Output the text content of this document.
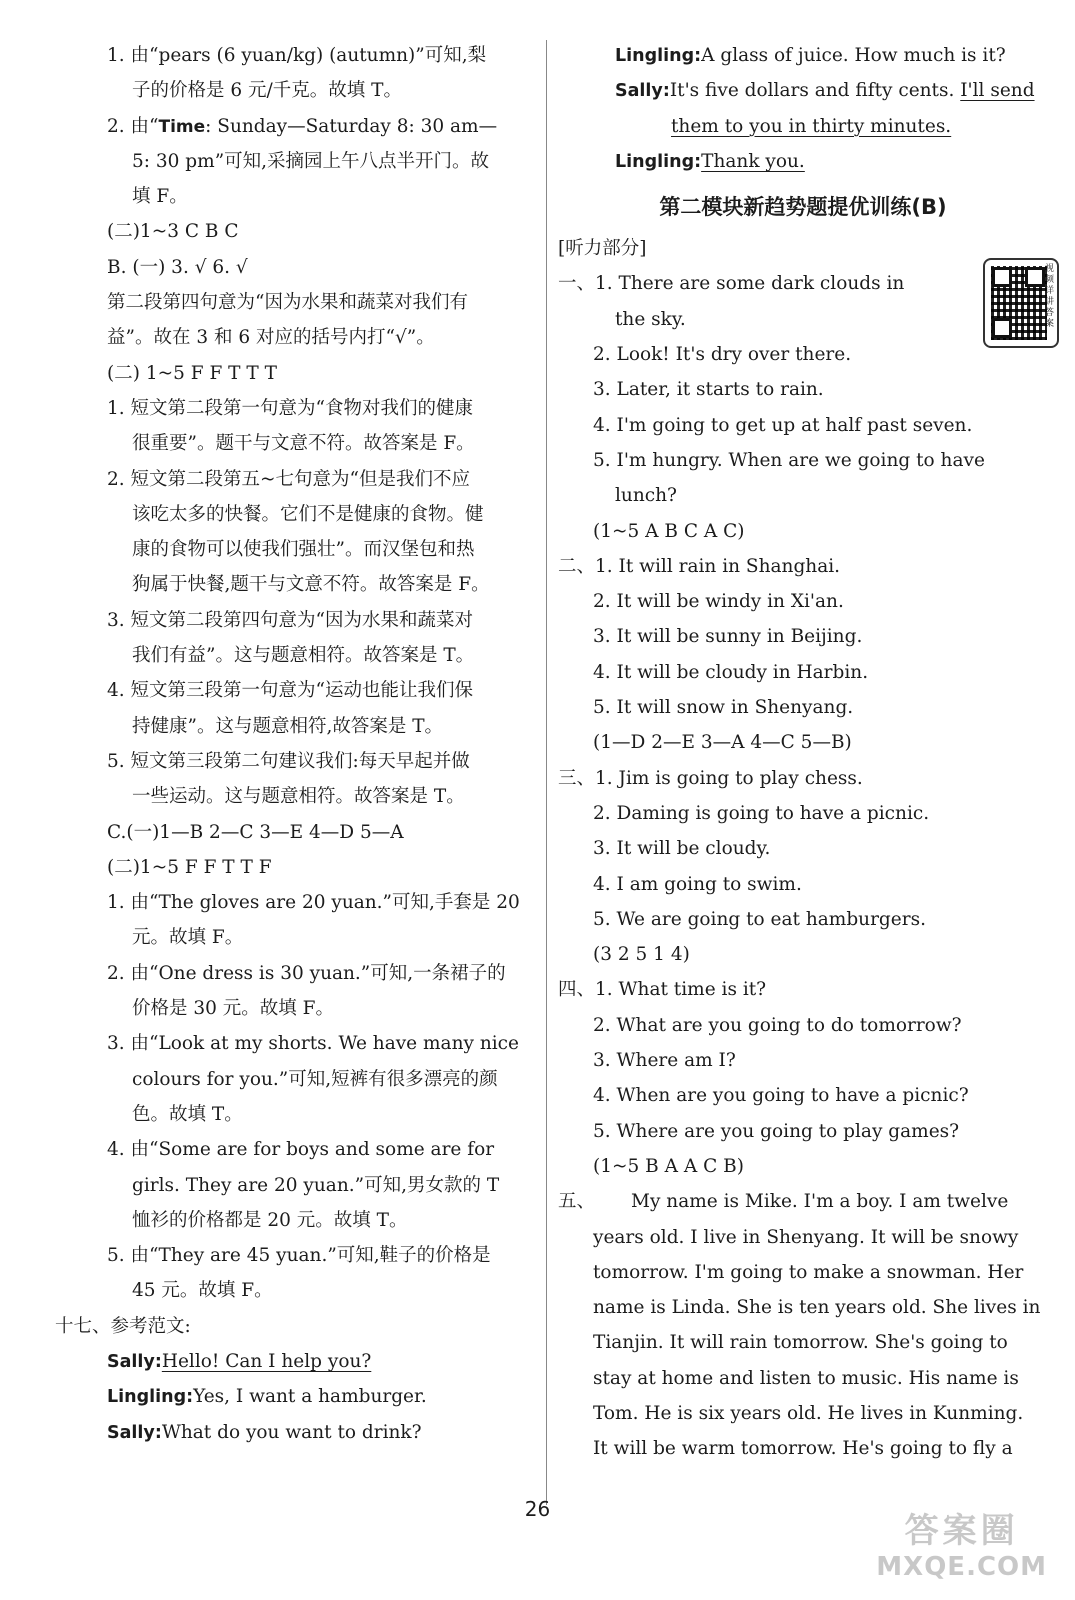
1. 由“pears (6 yuan/kg) (autumn)”可知,梨
子的价格是 6 元/千克。故填 T。
2. 由“Time: Sunday—Saturday 8: 30 am—
5: 30 pm”可知,采摘园上午八点半开门。故
填 F。
(二)1~3 C B C
B. (一) 3. √ 6. √
第二段第四句意为“因为水果和蔬菜对我们有
益”。故在 3 和 6 对应的括号内打“√”。
(二) 1~5 F F T T T
1. 短文第二段第一句意为“食物对我们的健康
很重要”。题干与文意不符。故答案是 F。
2. 短文第二段第五~七句意为“但是我们不应
该吃太多的快餐。它们不是健康的食物。健
康的食物可以使我们强壮”。而汉堡包和热
狗属于快餐,题干与文意不符。故答案是 F。
3. 短文第二段第四句意为“因为水果和蔬菜对
我们有益”。这与题意相符。故答案是 T。
4. 短文第三段第一句意为“运动也能让我们保
持健康”。这与题意相符,故答案是 T。
5. 短文第三段第二句建议我们:每天早起并做
一些运动。这与题意相符。故答案是 T。
C.(一)1—B 2—C 3—E 4—D 5—A
(二)1~5 F F T T F
1. 由“The gloves are 20 yuan.”可知,手套是 20
元。故填 F。
2. 由“One dress is 30 yuan.”可知,一条裙子的
价格是 30 元。故填 F。
3. 由“Look at my shorts. We have many nice
colours for you.”可知,短裤有很多漂亮的颜
色。故填 T。
4. 由“Some are for boys and some are for
girls. They are 20 yuan.”可知,男女款的 T
恤衫的价格都是 20 元。故填 T。
5. 由“They are 45 yuan.”可知,鞋子的价格是
45 元。故填 F。
十七、参考范文:
Sally:Hello! Can I help you?
Lingling:Yes, I want a hamburger.
Sally:What do you want to drink?
Lingling:A glass of juice. How much is it?
Sally:It's five dollars and fifty cents. I'll send
them to you in thirty minutes.
Lingling:Thank you.
第二模块新趋势题提优训练(B)
[听力部分]
一、1. There are some dark clouds in
the sky.
2. Look! It's dry over there.
3. Later, it starts to rain.
4. I'm going to get up at half past seven.
5. I'm hungry. When are we going to have
lunch?
(1~5 A B C A C)
二、1. It will rain in Shanghai.
2. It will be windy in Xi'an.
3. It will be sunny in Beijing.
4. It will be cloudy in Harbin.
5. It will snow in Shenyang.
(1—D 2—E 3—A 4—C 5—B)
三、1. Jim is going to play chess.
2. Daming is going to have a picnic.
3. It will be cloudy.
4. I am going to swim.
5. We are going to eat hamburgers.
(3 2 5 1 4)
四、1. What time is it?
2. What are you going to do tomorrow?
3. Where am I?
4. When are you going to have a picnic?
5. Where are you going to play games?
(1~5 B A A C B)
五、 My name is Mike. I'm a boy. I am twelve
years old. I live in Shenyang. It will be snowy
tomorrow. I'm going to make a snowman. Her
name is Linda. She is ten years old. She lives in
Tianjin. It will rain tomorrow. She's going to
stay at home and listen to music. His name is
Tom. He is six years old. He lives in Kunming.
It will be warm tomorrow. He's going to fly a
视频详讲答案
26
答案圈
MXQE.COM
